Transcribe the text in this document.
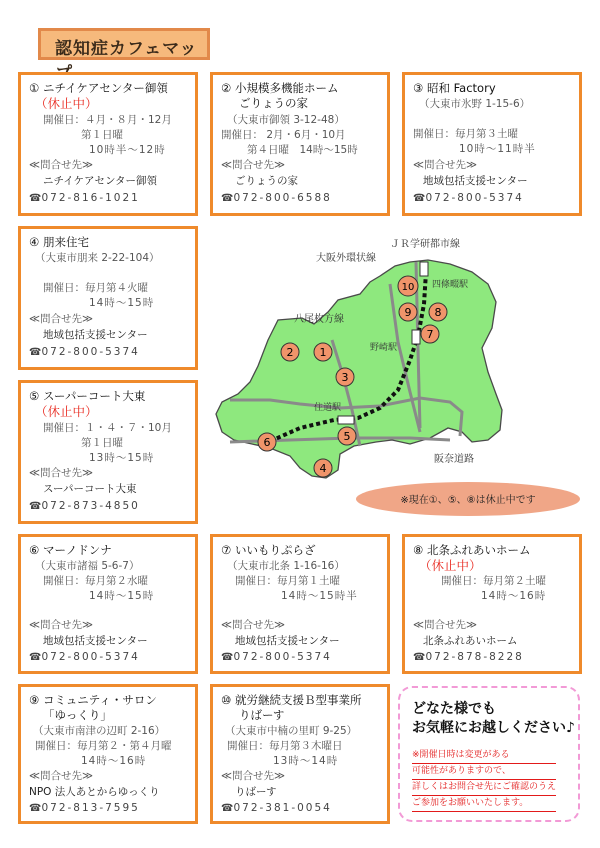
認知症カフェマッ
① ニチイケアセンター御領
（休止中）
開催日：４月・８月・12月
第１日曜
10時半～12時
≪問合せ先≫
ニチイケアセンター御領
☎072-816-1021
② 小規模多機能ホーム
ごりょうの家
（大東市御領 3-12-48）
開催日： 2月・6月・10月
第４日曜　14時～15時
≪問合せ先≫
ごりょうの家
☎072-800-6588
③ 昭和 Factory
（大東市氷野 1-15-6）
開催日：毎月第３土曜
10時～11時半
≪問合せ先≫
地域包括支援センター
☎072-800-5374
④ 朋来住宅
（大東市朋来 2-22-104）
開催日：毎月第４火曜
14時～15時
≪問合せ先≫
地域包括支援センター
☎072-800-5374
⑤ スーパーコート大東
（休止中）
開催日：１・４・７・10月
第１日曜
13時～15時
≪問合せ先≫
スーパーコート大東
☎072-873-4850
⑥ マーノドンナ
（大東市諸福 5-6-7）
開催日：毎月第２水曜
14時～15時
≪問合せ先≫
地域包括支援センター
☎072-800-5374
⑦ いいもりぷらざ
（大東市北条 1-16-16）
開催日：毎月第１土曜
14時～15時半
≪問合せ先≫
地域包括支援センター
☎072-800-5374
⑧ 北条ふれあいホーム
（休止中）
開催日：毎月第２土曜
14時～16時
≪問合せ先≫
北条ふれあいホーム
☎072-878-8228
⑨ コミュニティ・サロン
「ゆっくり」
（大東市南津の辺町 2-16）
開催日：毎月第２・第４月曜
14時～16時
≪問合せ先≫
NPO 法人あとからゆっくり
☎072-813-7595
⑩ 就労継続支援Ｂ型事業所
りばーす
（大東市中楠の里町 9-25）
開催日：毎月第３木曜日
13時～14時
≪問合せ先≫
りばーす
☎072-381-0054
どなた様でも
お気軽にお越しください♪
※開催日時は変更がある
可能性がありますので、
詳しくはお問合せ先にご確認のうえ
ご参加をお願いいたします。
ＪＲ学研都市線
大阪外環状線
四條畷駅
八尾枚方線
野崎駅
住道駅
阪奈道路
1
2
3
4
5
6
7
8
9
10
※現在①、⑤、⑧は休止中です
